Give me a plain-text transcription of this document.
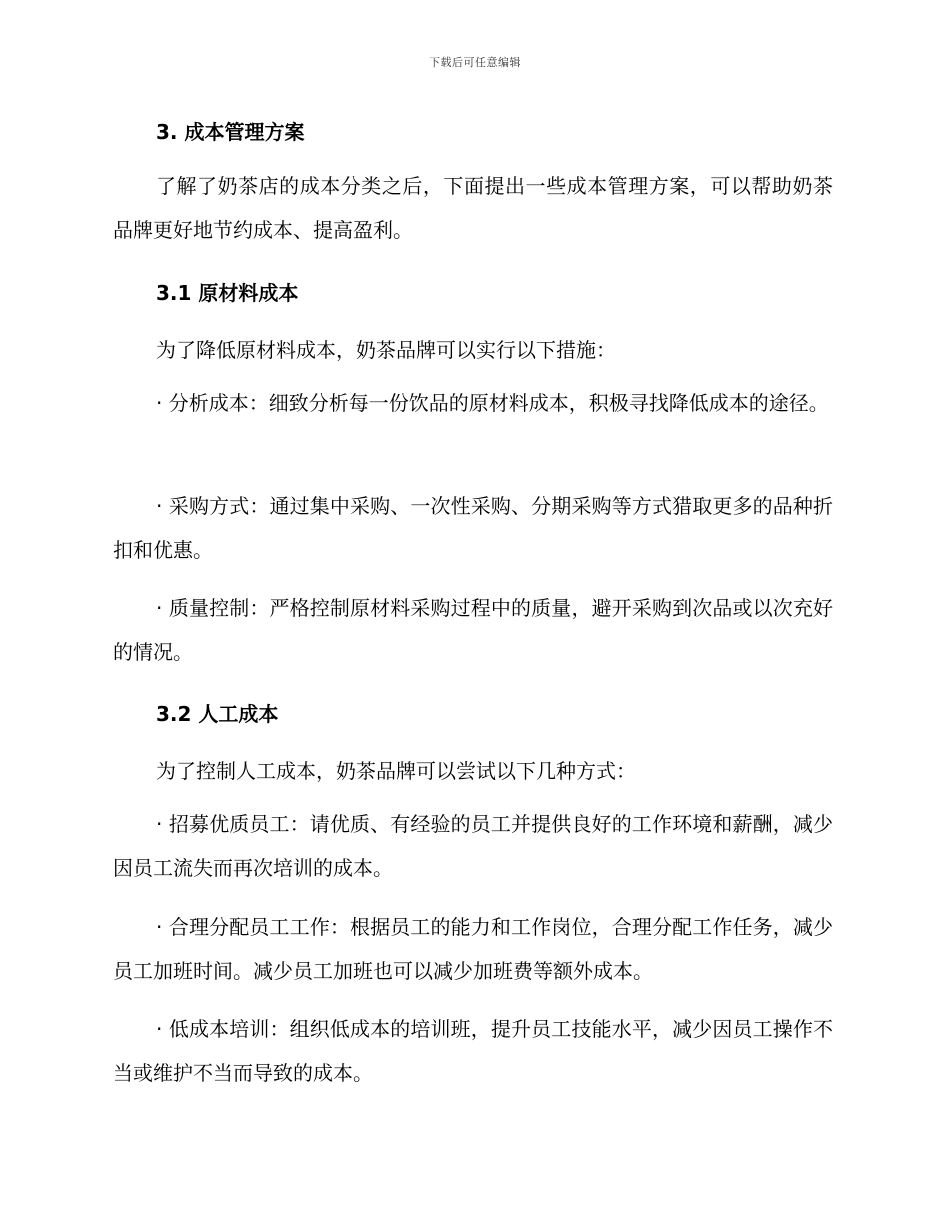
下载后可任意编辑
3. 成本管理方案
了解了奶茶店的成本分类之后，下面提出一些成本管理方案，可以帮助奶茶品牌更好地节约成本、提高盈利。
3.1 原材料成本
为了降低原材料成本，奶茶品牌可以实行以下措施：
· 分析成本：细致分析每一份饮品的原材料成本，积极寻找降低成本的途径。
· 采购方式：通过集中采购、一次性采购、分期采购等方式猎取更多的品种折扣和优惠。
· 质量控制：严格控制原材料采购过程中的质量，避开采购到次品或以次充好的情况。
3.2 人工成本
为了控制人工成本，奶茶品牌可以尝试以下几种方式：
· 招募优质员工：请优质、有经验的员工并提供良好的工作环境和薪酬，减少因员工流失而再次培训的成本。
· 合理分配员工工作：根据员工的能力和工作岗位，合理分配工作任务，减少员工加班时间。减少员工加班也可以减少加班费等额外成本。
· 低成本培训：组织低成本的培训班，提升员工技能水平，减少因员工操作不当或维护不当而导致的成本。
